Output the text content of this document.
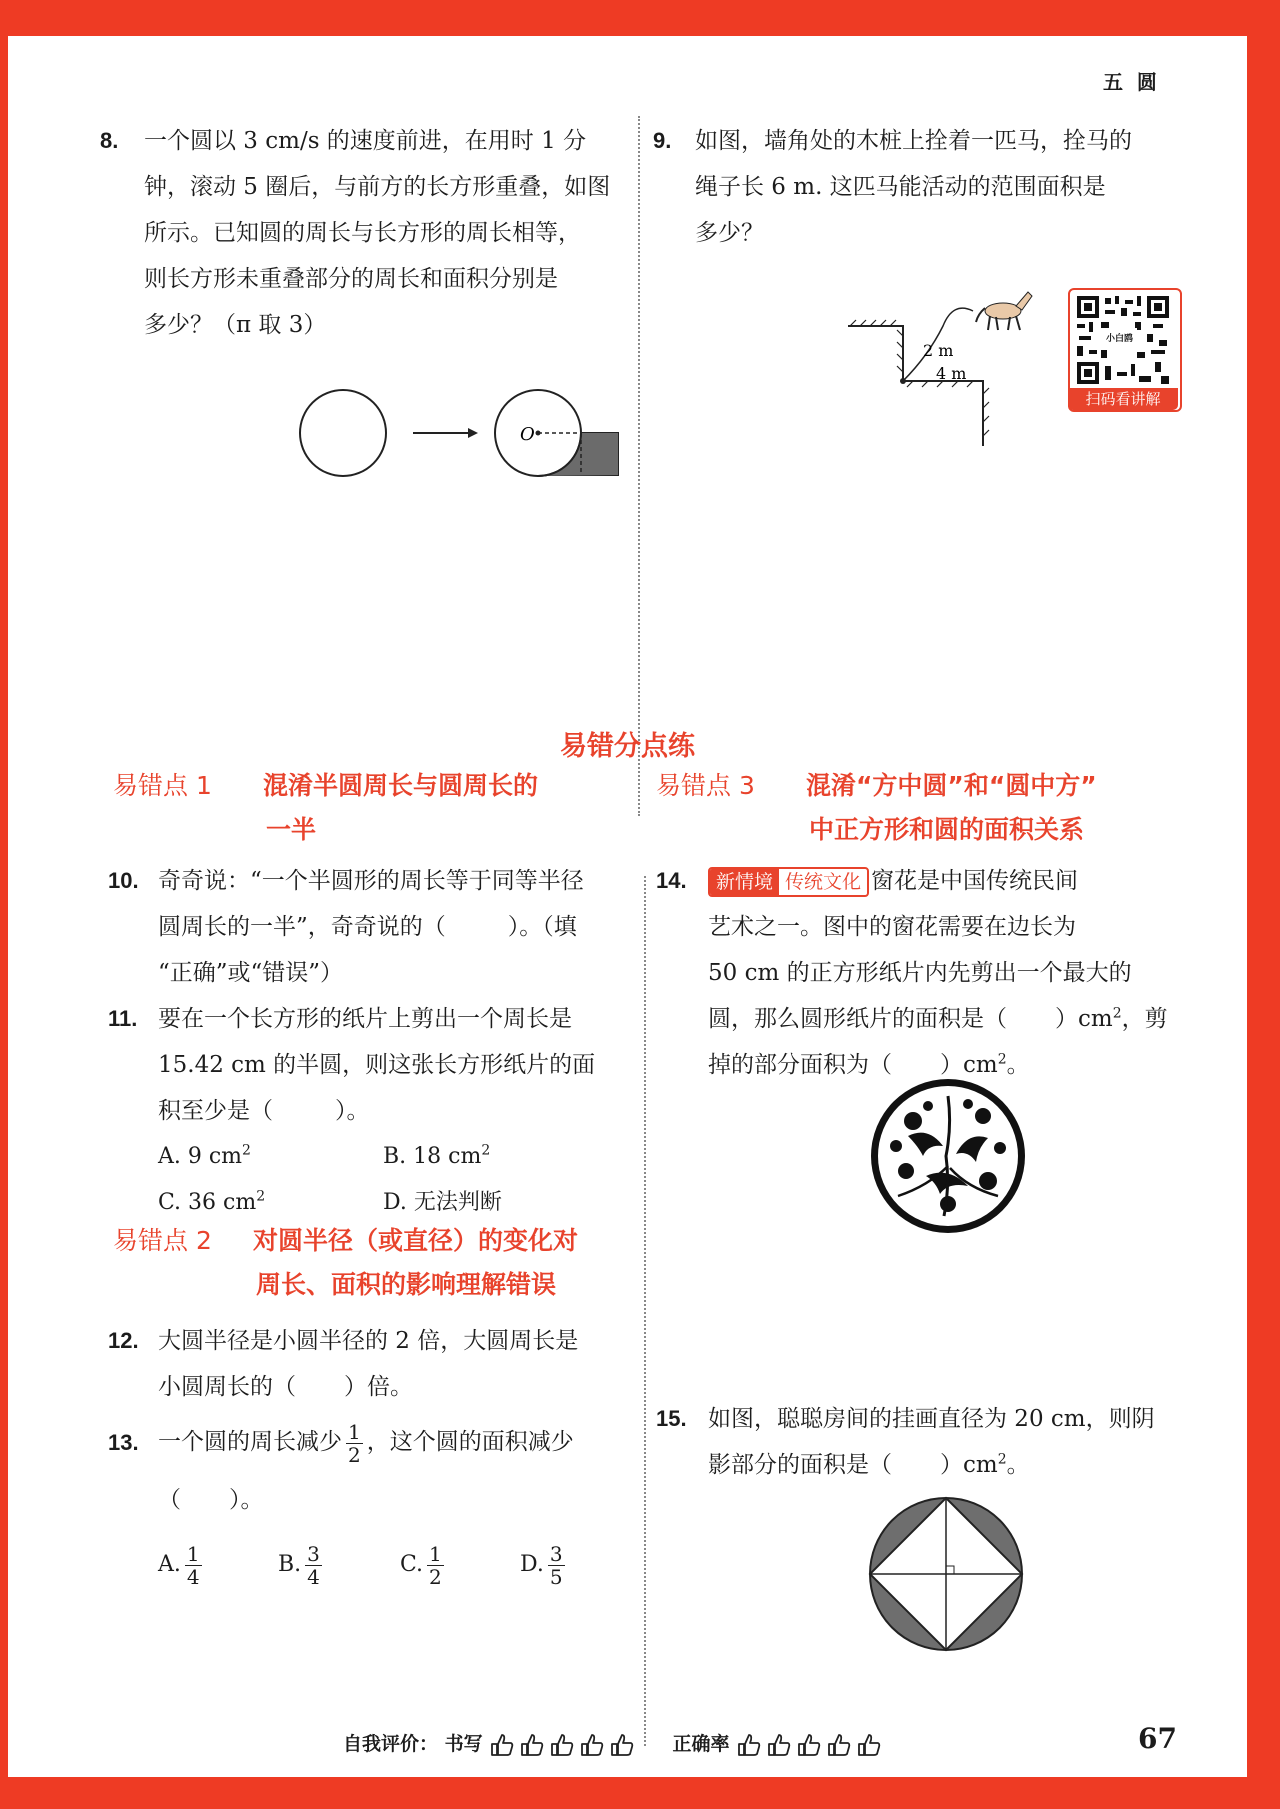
五  圆
8. 一个圆以 3 cm/s 的速度前进，在用时 1 分
钟，滚动 5 圈后，与前方的长方形重叠，如图
所示。已知圆的周长与长方形的周长相等，
则长方形未重叠部分的周长和面积分别是
多少？（π 取 3）
O
9. 如图，墙角处的木桩上拴着一匹马，拴马的
绳子长 6 m. 这匹马能活动的范围面积是
多少？
2 m
4 m
小白鸥
扫码看讲解
易错分点练
易错点 1 混淆半圆周长与圆周长的
一半
10. 奇奇说：“一个半圆形的周长等于同等半径
圆周长的一半”，奇奇说的（	）。（填
“正确”或“错误”）
11. 要在一个长方形的纸片上剪出一个周长是
15.42 cm 的半圆，则这张长方形纸片的面
积至少是（	）。
A. 9 $cm^2$	B. 18 $cm^2$
C. 36 $cm^2$	D. 无法判断
易错点 2 对圆半径（或直径）的变化对
周长、面积的影响理解错误
12. 大圆半径是小圆半径的 2 倍，大圆周长是
小圆周长的（ ）倍。
13. 一个圆的周长减少 $\frac{1}{2}$ ，这个圆的面积减少
（ ）。
A. $\frac{1}{4}$	B. $\frac{3}{4}$	C. $\frac{1}{2}$	D. $\frac{3}{5}$
易错点 3 混淆“方中圆”和“圆中方”
中正方形和圆的面积关系
14.	新情境 传统文化 窗花是中国传统民间
艺术之一。图中的窗花需要在边长为
50 cm 的正方形纸片内先剪出一个最大的
圆，那么圆形纸片的面积是（ ）$cm^2$，剪
掉的部分面积为（ ）$cm^2$。
15. 如图，聪聪房间的挂画直径为 20 cm，则阴
影部分的面积是（ ）$cm^2$。
自我评价： 书写	正确率	67
